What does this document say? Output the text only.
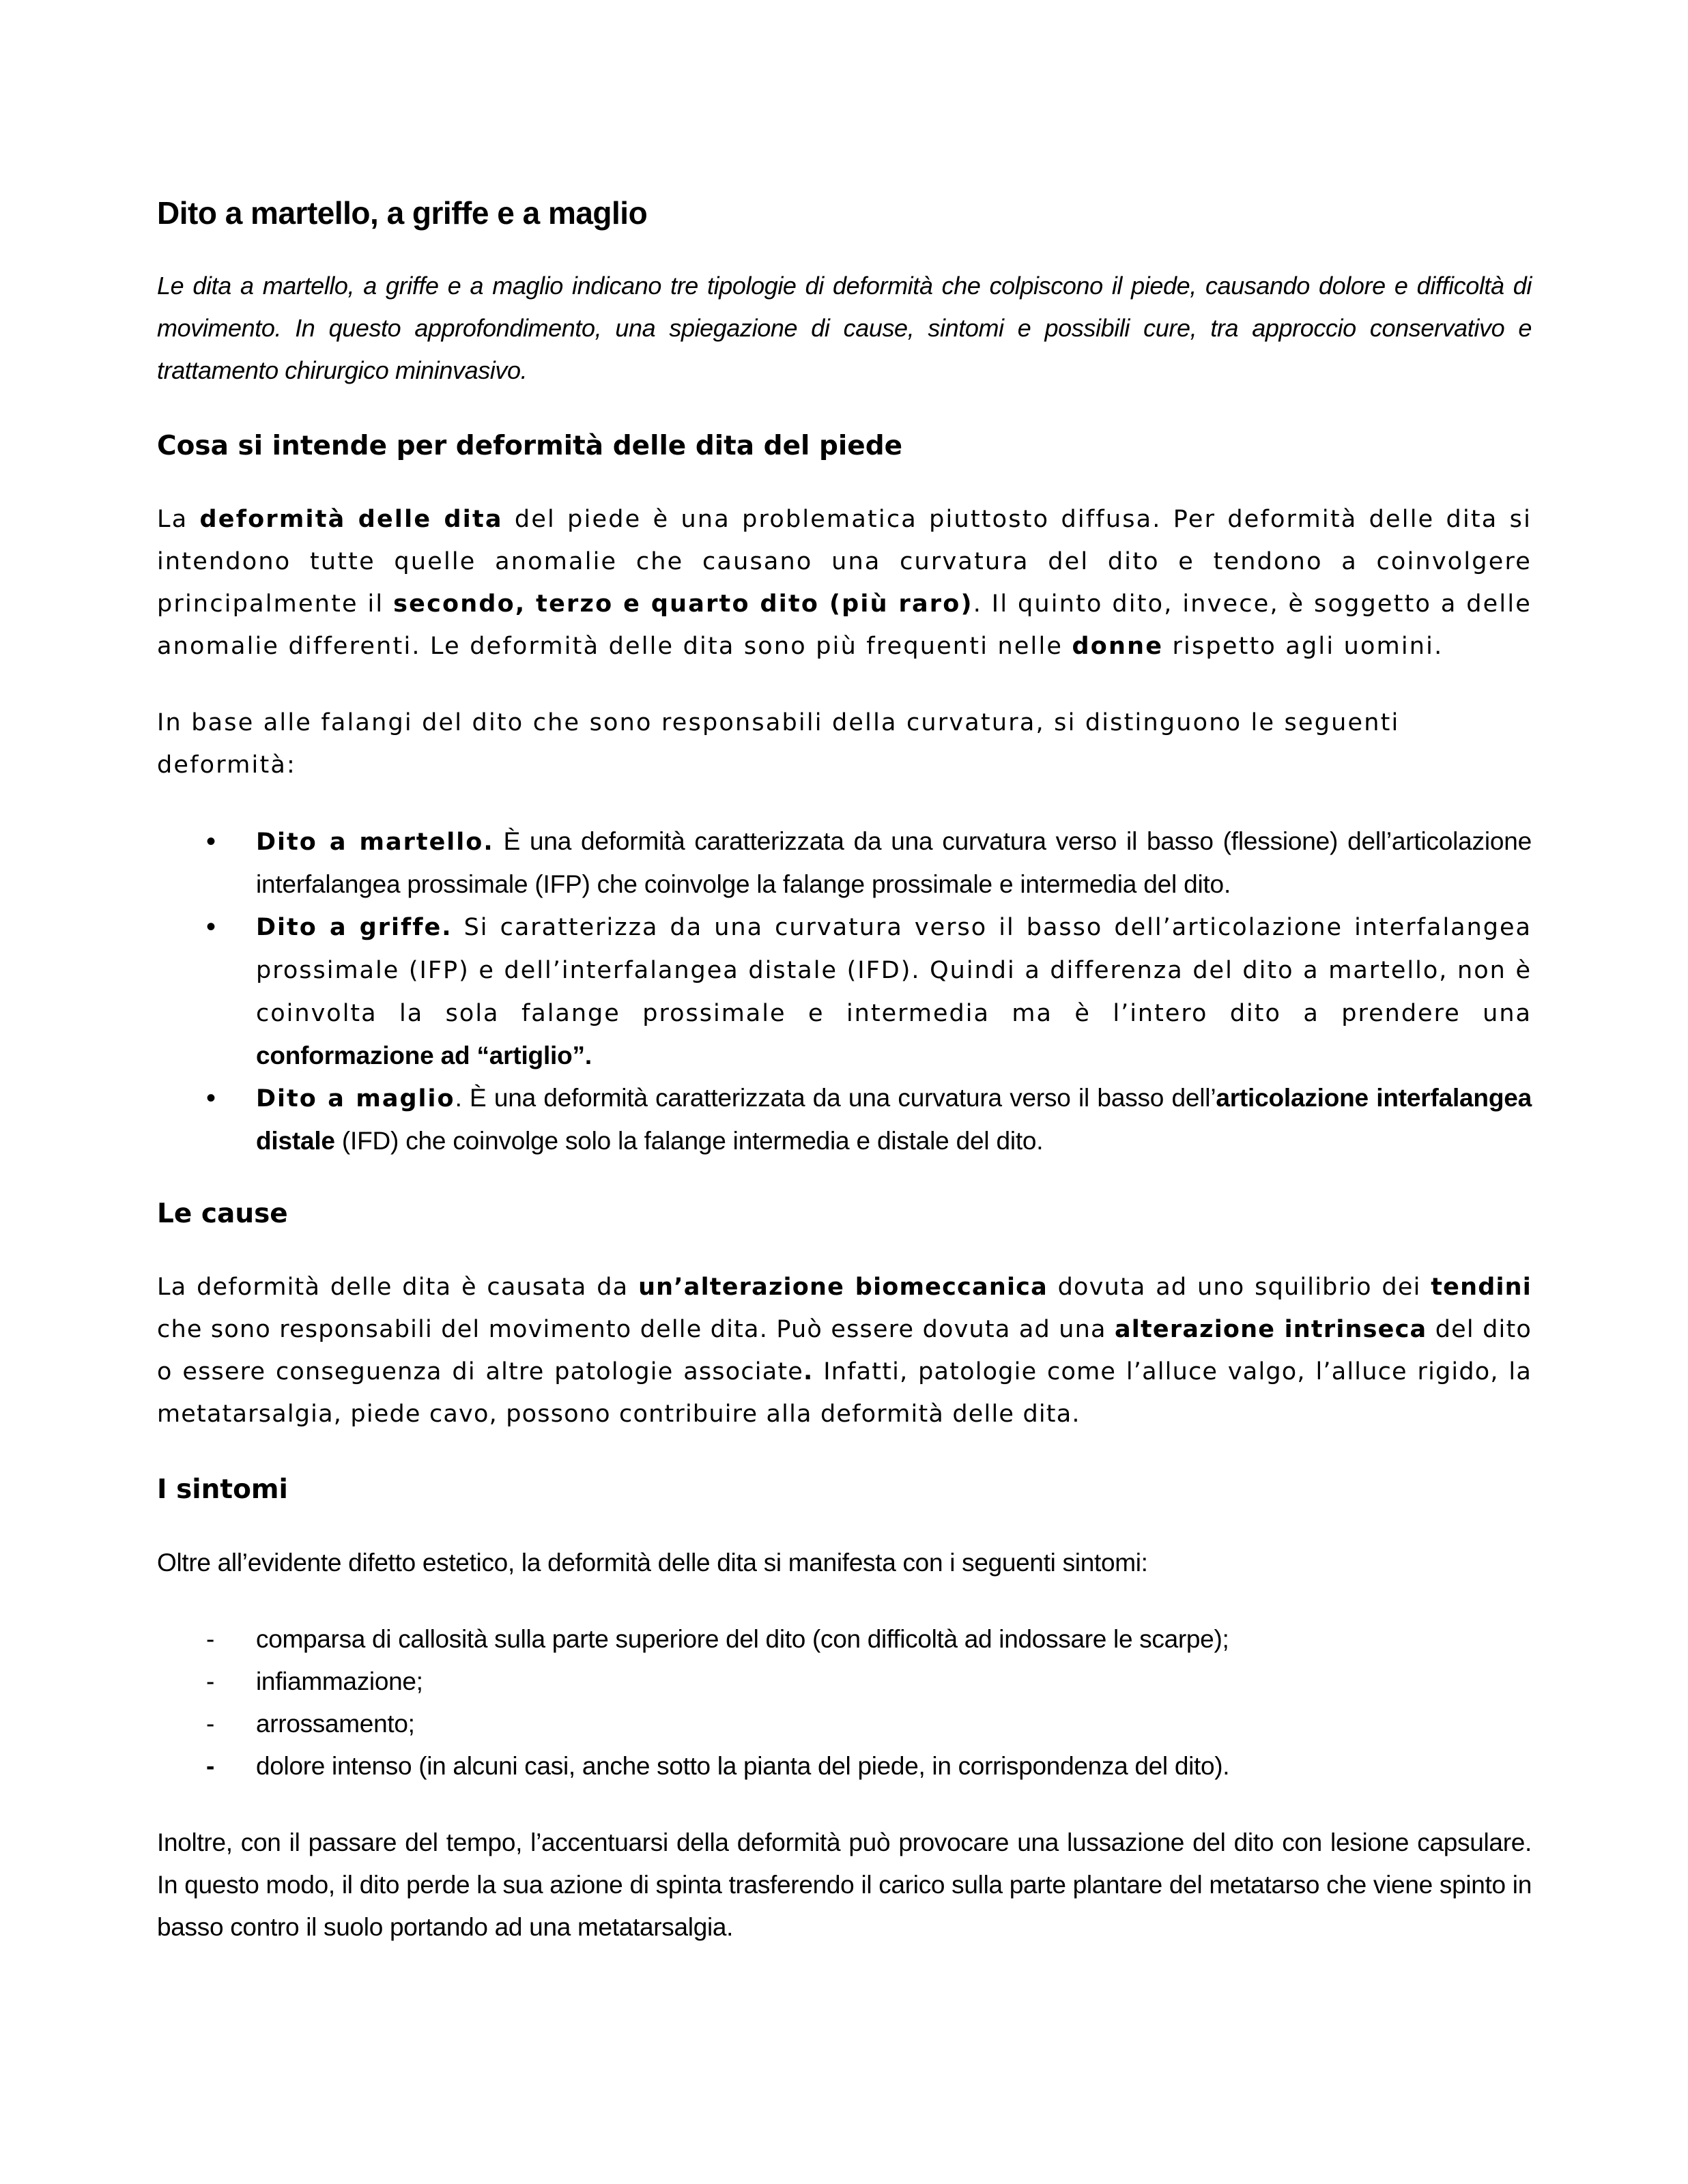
Dito a martello, a griffe e a maglio

Le dita a martello, a griffe e a maglio indicano tre tipologie di deformità che colpiscono il piede, causando dolore e difficoltà di movimento. In questo approfondimento, una spiegazione di cause, sintomi e possibili cure, tra approccio conservativo e trattamento chirurgico mininvasivo.

Cosa si intende per deformità delle dita del piede

La deformità delle dita del piede è una problematica piuttosto diffusa. Per deformità delle dita si intendono tutte quelle anomalie che causano una curvatura del dito e tendono a coinvolgere principalmente il secondo, terzo e quarto dito (più raro). Il quinto dito, invece, è soggetto a delle anomalie differenti. Le deformità delle dita sono più frequenti nelle donne rispetto agli uomini.

In base alle falangi del dito che sono responsabili della curvatura, si distinguono le seguenti deformità:

• Dito a martello. È una deformità caratterizzata da una curvatura verso il basso (flessione) dell’articolazione interfalangea prossimale (IFP) che coinvolge la falange prossimale e intermedia del dito.
• Dito a griffe. Si caratterizza da una curvatura verso il basso dell’articolazione interfalangea prossimale (IFP) e dell’interfalangea distale (IFD). Quindi a differenza del dito a martello, non è coinvolta la sola falange prossimale e intermedia ma è l’intero dito a prendere una conformazione ad “artiglio”.
• Dito a maglio. È una deformità caratterizzata da una curvatura verso il basso dell’articolazione interfalangea distale (IFD) che coinvolge solo la falange intermedia e distale del dito.
Le cause

La deformità delle dita è causata da un’alterazione biomeccanica dovuta ad uno squilibrio dei tendini che sono responsabili del movimento delle dita. Può essere dovuta ad una alterazione intrinseca del dito o essere conseguenza di altre patologie associate. Infatti, patologie come l’alluce valgo, l’alluce rigido, la metatarsalgia, piede cavo, possono contribuire alla deformità delle dita.

I sintomi

Oltre all’evidente difetto estetico, la deformità delle dita si manifesta con i seguenti sintomi:

- comparsa di callosità sulla parte superiore del dito (con difficoltà ad indossare le scarpe);
- infiammazione;
- arrossamento;
- dolore intenso (in alcuni casi, anche sotto la pianta del piede, in corrispondenza del dito).

Inoltre, con il passare del tempo, l’accentuarsi della deformità può provocare una lussazione del dito con lesione capsulare. In questo modo, il dito perde la sua azione di spinta trasferendo il carico sulla parte plantare del metatarso che viene spinto in basso contro il suolo portando ad una metatarsalgia.
